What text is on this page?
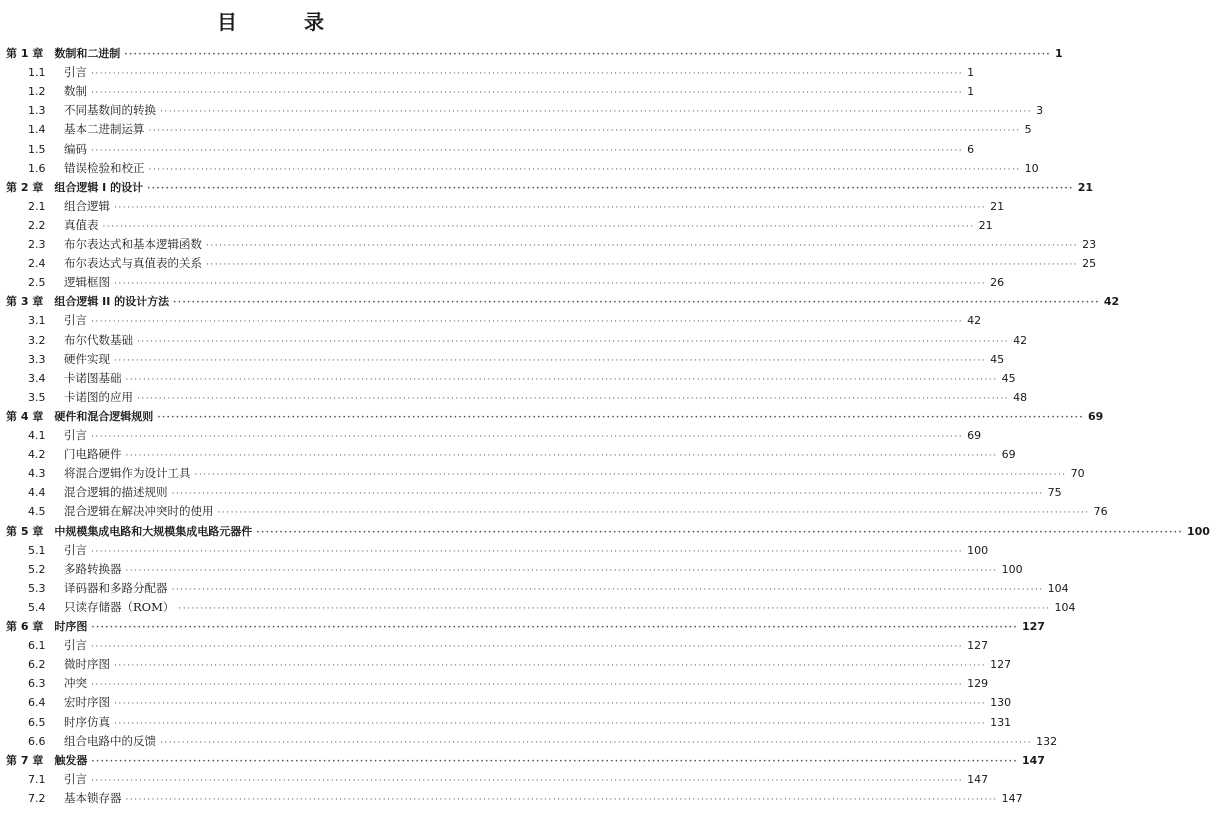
目 录
第 1 章　数制和二进制 ········································································································································································································ 1
1.1 引言 ········································································································································································································ 1
1.2 数制 ········································································································································································································ 1
1.3 不同基数间的转换 ········································································································································································································ 3
1.4 基本二进制运算 ········································································································································································································ 5
1.5 编码 ········································································································································································································ 6
1.6 错误检验和校正 ········································································································································································································ 10
第 2 章　组合逻辑 I 的设计 ········································································································································································································ 21
2.1 组合逻辑 ········································································································································································································ 21
2.2 真值表 ········································································································································································································ 21
2.3 布尔表达式和基本逻辑函数 ········································································································································································································ 23
2.4 布尔表达式与真值表的关系 ········································································································································································································ 25
2.5 逻辑框图 ········································································································································································································ 26
第 3 章　组合逻辑 II 的设计方法 ········································································································································································································ 42
3.1 引言 ········································································································································································································ 42
3.2 布尔代数基础 ········································································································································································································ 42
3.3 硬件实现 ········································································································································································································ 45
3.4 卡诺图基础 ········································································································································································································ 45
3.5 卡诺图的应用 ········································································································································································································ 48
第 4 章　硬件和混合逻辑规则 ········································································································································································································ 69
4.1 引言 ········································································································································································································ 69
4.2 门电路硬件 ········································································································································································································ 69
4.3 将混合逻辑作为设计工具 ········································································································································································································ 70
4.4 混合逻辑的描述规则 ········································································································································································································ 75
4.5 混合逻辑在解决冲突时的使用 ········································································································································································································ 76
第 5 章　中规模集成电路和大规模集成电路元器件 ········································································································································································································ 100
5.1 引言 ········································································································································································································ 100
5.2 多路转换器 ········································································································································································································ 100
5.3 译码器和多路分配器 ········································································································································································································ 104
5.4 只读存储器（ROM） ········································································································································································································ 104
第 6 章　时序图 ········································································································································································································ 127
6.1 引言 ········································································································································································································ 127
6.2 微时序图 ········································································································································································································ 127
6.3 冲突 ········································································································································································································ 129
6.4 宏时序图 ········································································································································································································ 130
6.5 时序仿真 ········································································································································································································ 131
6.6 组合电路中的反馈 ········································································································································································································ 132
第 7 章　触发器 ········································································································································································································ 147
7.1 引言 ········································································································································································································ 147
7.2 基本锁存器 ········································································································································································································ 147
